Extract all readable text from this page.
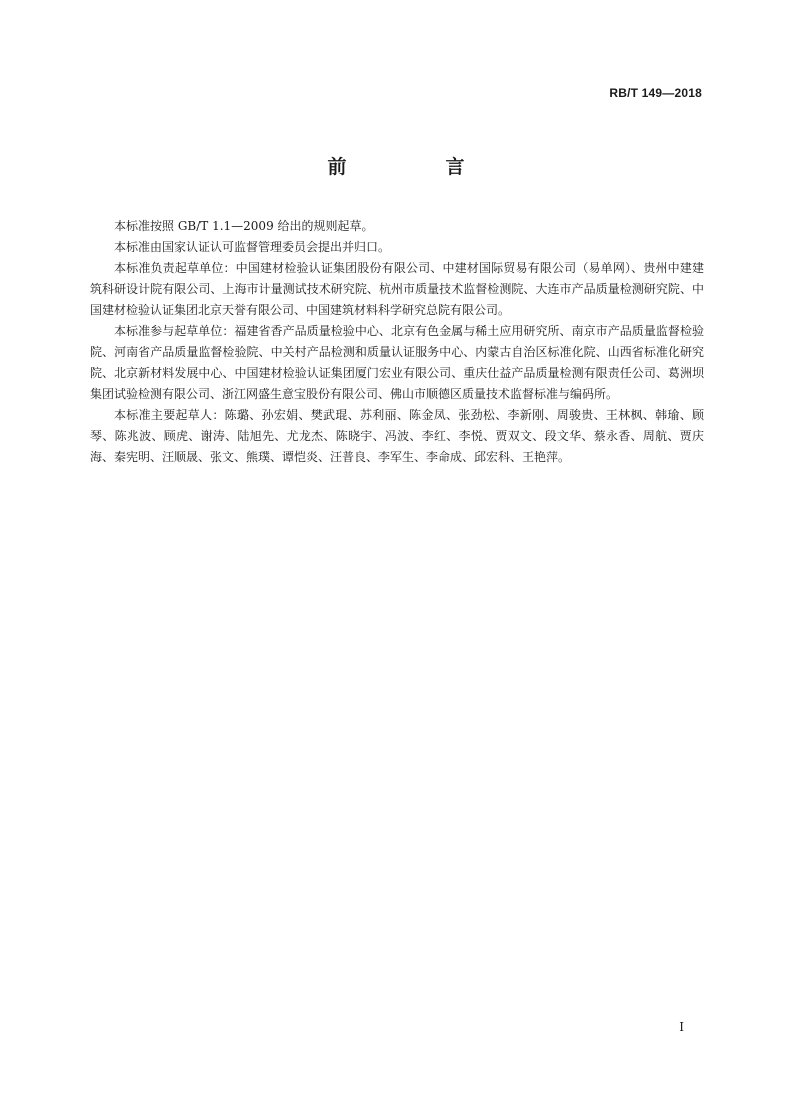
RB/T 149—2018
前　言

本标准按照 GB/T 1.1—2009 给出的规则起草。

本标准由国家认证认可监督管理委员会提出并归口。

本标准负责起草单位：中国建材检验认证集团股份有限公司、中建材国际贸易有限公司（易单网）、贵州中建建筑科研设计院有限公司、上海市计量测试技术研究院、杭州市质量技术监督检测院、大连市产品质量检测研究院、中国建材检验认证集团北京天誉有限公司、中国建筑材料科学研究总院有限公司。

本标准参与起草单位：福建省香产品质量检验中心、北京有色金属与稀土应用研究所、南京市产品质量监督检验院、河南省产品质量监督检验院、中关村产品检测和质量认证服务中心、内蒙古自治区标准化院、山西省标准化研究院、北京新材料发展中心、中国建材检验认证集团厦门宏业有限公司、重庆仕益产品质量检测有限责任公司、葛洲坝集团试验检测有限公司、浙江网盛生意宝股份有限公司、佛山市顺德区质量技术监督标准与编码所。

本标准主要起草人：陈璐、孙宏娟、樊武琨、苏利丽、陈金凤、张劲松、李新刚、周骏贵、王林枫、韩瑜、顾琴、陈兆波、顾虎、谢涛、陆旭先、尤龙杰、陈晓宇、冯波、李红、李悦、贾双文、段文华、蔡永香、周航、贾庆海、秦宪明、汪顺晟、张文、熊璞、谭恺炎、汪普良、李军生、李命成、邱宏科、王艳萍。

I
